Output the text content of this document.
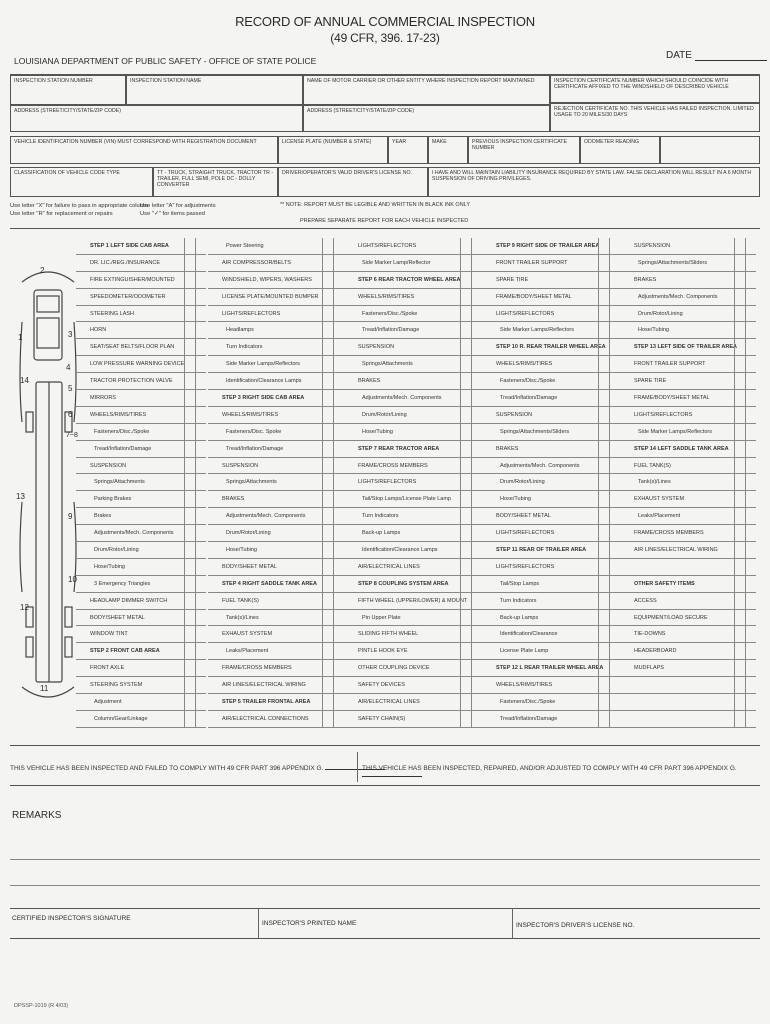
RECORD OF ANNUAL COMMERCIAL INSPECTION
(49 CFR, 396. 17-23)
LOUISIANA DEPARTMENT OF PUBLIC SAFETY - OFFICE OF STATE POLICE	DATE
INSPECTION STATION NUMBER	INSPECTION STATION NAME	NAME OF MOTOR CARRIER OR OTHER ENTITY WHERE INSPECTION REPORT MAINTAINED	INSPECTION CERTIFICATE NUMBER WHICH SHOULD COINCIDE WITH CERTIFICATE AFFIXED TO THE WINDSHIELD OF DESCRIBED VEHICLE
ADDRESS (STREET/CITY/STATE/ZIP CODE)	ADDRESS (STREET/CITY/STATE/ZIP CODE)	REJECTION CERTIFICATE NO. THIS VEHICLE HAS FAILED INSPECTION. LIMITED USAGE TO 20 MILES/30 DAYS
VEHICLE IDENTIFICATION NUMBER (VIN) MUST CORRESPOND WITH REGISTRATION DOCUMENT	LICENSE PLATE (NUMBER & STATE)	YEAR	MAKE	PREVIOUS INSPECTION CERTIFICATE NUMBER
ODOMETER READING
CLASSIFICATION OF VEHICLE CODE TYPE	TT - TRUCK, STRAIGHT TRUCK, TRACTOR TR - TRAILER, FULL SEMI, POLE DC - DOLLY CONVERTER
DRIVER/OPERATOR'S VALID DRIVER'S LICENSE NO.	I HAVE AND WILL MAINTAIN LIABILITY INSURANCE REQUIRED BY STATE LAW. FALSE DECLARATION WILL RESULT IN A 6 MONTH SUSPENSION OF DRIVING PRIVILEGES.
Use letter "X" for failure to pass in appropriate column
Use letter "R" for replacement or repairs
Use letter "A" for adjustments
Use "✓" for items passed
** NOTE: REPORT MUST BE LEGIBLE AND WRITTEN IN BLACK INK ONLY
PREPARE SEPARATE REPORT FOR EACH VEHICLE INSPECTED
2
1	3
4
5
6
7~8
9
10
11
12
13
14
STEP 1 LEFT SIDE CAB AREA
DR. LIC./REG./INSURANCE
FIRE EXTINGUISHER/MOUNTED
SPEEDOMETER/ODOMETER
STEERING LASH
HORN
SEAT/SEAT BELTS/FLOOR PLAN
LOW PRESSURE WARNING DEVICE
TRACTOR PROTECTION VALVE
MIRRORS
WHEELS/RIMS/TIRES
Fasteners/Disc./Spoke
Tread/Inflation/Damage
SUSPENSION
Springs/Attachments
Parking Brakes
Brakes
Adjustments/Mech. Components
Drum/Rotor/Lining
Hose/Tubing
3 Emergency Triangles
HEADLAMP DIMMER SWITCH
BODY/SHEET METAL
WINDOW TINT
STEP 2 FRONT CAB AREA
FRONT AXLE
STEERING SYSTEM
Adjustment
Column/Gear/Linkage
Power Steering
AIR COMPRESSOR/BELTS
WINDSHIELD, WIPERS, WASHERS
LICENSE PLATE/MOUNTED BUMPER
LIGHTS/REFLECTORS
Headlamps
Turn Indicators
Side Marker Lamps/Reflectors
Identification/Clearance Lamps
STEP 3 RIGHT SIDE CAB AREA
WHEELS/RIMS/TIRES
Fasteners/Disc. Spoke
Tread/Inflation/Damage
SUSPENSION
Springs/Attachments
BRAKES
Adjustments/Mech. Components
Drum/Rotor/Lining
Hose/Tubing
BODY/SHEET METAL
STEP 4 RIGHT SADDLE TANK AREA
FUEL TANK(S)
Tank(s)/Lines
EXHAUST SYSTEM
Leaks/Placement
FRAME/CROSS MEMBERS
AIR LINES/ELECTRICAL WIRING
STEP 5 TRAILER FRONTAL AREA
AIR/ELECTRICAL CONNECTIONS
LIGHTS/REFLECTORS
Side Marker Lamp/Reflector
STEP 6 REAR TRACTOR WHEEL AREA
WHEELS/RIMS/TIRES
Fasteners/Disc./Spoke
Tread/Inflation/Damage
SUSPENSION
Springs/Attachments
BRAKES
Adjustments/Mech. Components
Drum/Rotor/Lining
Hose/Tubing
STEP 7 REAR TRACTOR AREA
FRAME/CROSS MEMBERS
LIGHTS/REFLECTORS
Tail/Stop Lamps/License Plate Lamp
Turn Indicators
Back-up Lamps
Identification/Clearance Lamps
AIR/ELECTRICAL LINES
STEP 8 COUPLING SYSTEM AREA
FIFTH WHEEL (UPPER/LOWER) & MOUNT
Pin Upper Plate
SLIDING FIFTH WHEEL
PINTLE HOOK EYE
OTHER COUPLING DEVICE
SAFETY DEVICES
AIR/ELECTRICAL LINES
SAFETY CHAIN(S)
STEP 9 RIGHT SIDE OF TRAILER AREA
FRONT TRAILER SUPPORT
SPARE TIRE
FRAME/BODY/SHEET METAL
LIGHTS/REFLECTORS
Side Marker Lamps/Reflectors
STEP 10 R. REAR TRAILER WHEEL AREA
WHEELS/RIMS/TIRES
Fasteners/Disc./Spoke
Tread/Inflation/Damage
SUSPENSION
Springs/Attachments/Sliders
BRAKES
Adjustments/Mech. Components
Drum/Rotor/Lining
Hose/Tubing
BODY/SHEET METAL
LIGHTS/REFLECTORS
STEP 11 REAR OF TRAILER AREA
LIGHTS/REFLECTORS
Tail/Stop Lamps
Turn Indicators
Back-up Lamps
Identification/Clearance
License Plate Lamp
STEP 12 L REAR TRAILER WHEEL AREA
WHEELS/RIMS/TIRES
Fasteners/Disc./Spoke
Tread/Inflation/Damage
SUSPENSION
Springs/Attachments/Sliders
BRAKES
Adjustments/Mech. Components
Drum/Rotor/Lining
Hose/Tubing
STEP 13 LEFT SIDE OF TRAILER AREA
FRONT TRAILER SUPPORT
SPARE TIRE
FRAME/BODY/SHEET METAL
LIGHTS/REFLECTORS
Side Marker Lamps/Reflectors
STEP 14 LEFT SADDLE TANK AREA
FUEL TANK(S)
Tank(s)/Lines
EXHAUST SYSTEM
Leaks/Placement
FRAME/CROSS MEMBERS
AIR LINES/ELECTRICAL WIRING
OTHER SAFETY ITEMS
ACCESS
EQUIPMENT/LOAD SECURE
TIE-DOWNS
HEADERBOARD
MUDFLAPS
THIS VEHICLE HAS BEEN INSPECTED AND FAILED TO COMPLY WITH 49 CFR PART 396 APPENDIX G.	THIS VEHICLE HAS BEEN INSPECTED, REPAIRED, AND/OR ADJUSTED TO COMPLY WITH 49 CFR PART 396 APPENDIX G.
REMARKS
CERTIFIED INSPECTOR'S SIGNATURE
INSPECTOR'S PRINTED NAME	INSPECTOR'S DRIVER'S LICENSE NO.
DPSSP-1019 (R 4/03)
